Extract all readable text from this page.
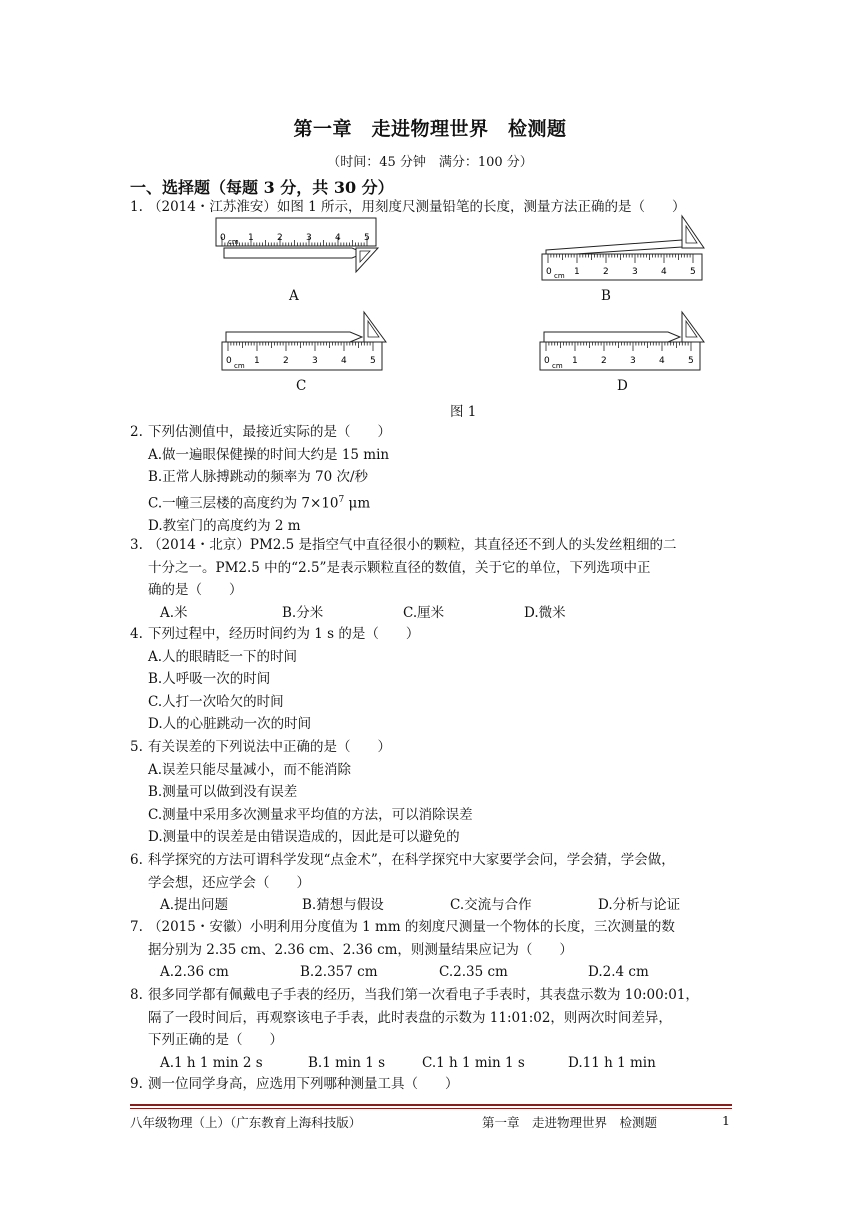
第一章　走进物理世界　检测题
（时间：45 分钟　满分：100 分）
一、选择题（每题 3 分，共 30 分）
1. （2014・江苏淮安）如图 1 所示，用刻度尺测量铅笔的长度，测量方法正确的是（　　）
0 cm 1	2	3	4	5
A
0 cm 1	2	3	4	5
B
0 cm 1	2	3	4	5
C
0 cm 1	2	3	4	5
D
图 1
2. 下列估测值中，最接近实际的是（　　）
A.做一遍眼保健操的时间大约是 15 min
B.正常人脉搏跳动的频率为 70 次/秒
C.一幢三层楼的高度约为 $7\times 10^7$ μm
D.教室门的高度约为 2 m
3. （2014・北京）PM2.5 是指空气中直径很小的颗粒，其直径还不到人的头发丝粗细的二
十分之一。PM2.5 中的“2.5”是表示颗粒直径的数值，关于它的单位，下列选项中正
确的是（　　）
A.米	B.分米	C.厘米	D.微米
4. 下列过程中，经历时间约为 1 s 的是（　　）
A.人的眼睛眨一下的时间
B.人呼吸一次的时间
C.人打一次哈欠的时间
D.人的心脏跳动一次的时间
5. 有关误差的下列说法中正确的是（　　）
A.误差只能尽量减小，而不能消除
B.测量可以做到没有误差
C.测量中采用多次测量求平均值的方法，可以消除误差
D.测量中的误差是由错误造成的，因此是可以避免的
6. 科学探究的方法可谓科学发现“点金术”，在科学探究中大家要学会问，学会猜，学会做，
学会想，还应学会（　　）
A.提出问题	B.猜想与假设	C.交流与合作	D.分析与论证
7. （2015・安徽）小明利用分度值为 1 mm 的刻度尺测量一个物体的长度，三次测量的数
据分别为 2.35 cm、2.36 cm、2.36 cm，则测量结果应记为（　　）
A.2.36 cm	B.2.357 cm	C.2.35 cm	D.2.4 cm
8. 很多同学都有佩戴电子手表的经历，当我们第一次看电子手表时，其表盘示数为 10:00:01，
隔了一段时间后，再观察该电子手表，此时表盘的示数为 11:01:02，则两次时间差异，
下列正确的是（　　）
A.1 h 1 min 2 s	B.1 min 1 s	C.1 h 1 min 1 s	D.11 h 1 min
9. 测一位同学身高，应选用下列哪种测量工具（　　）
八年级物理（上）（广东教育上海科技版）	第一章　走进物理世界　检测题	1
